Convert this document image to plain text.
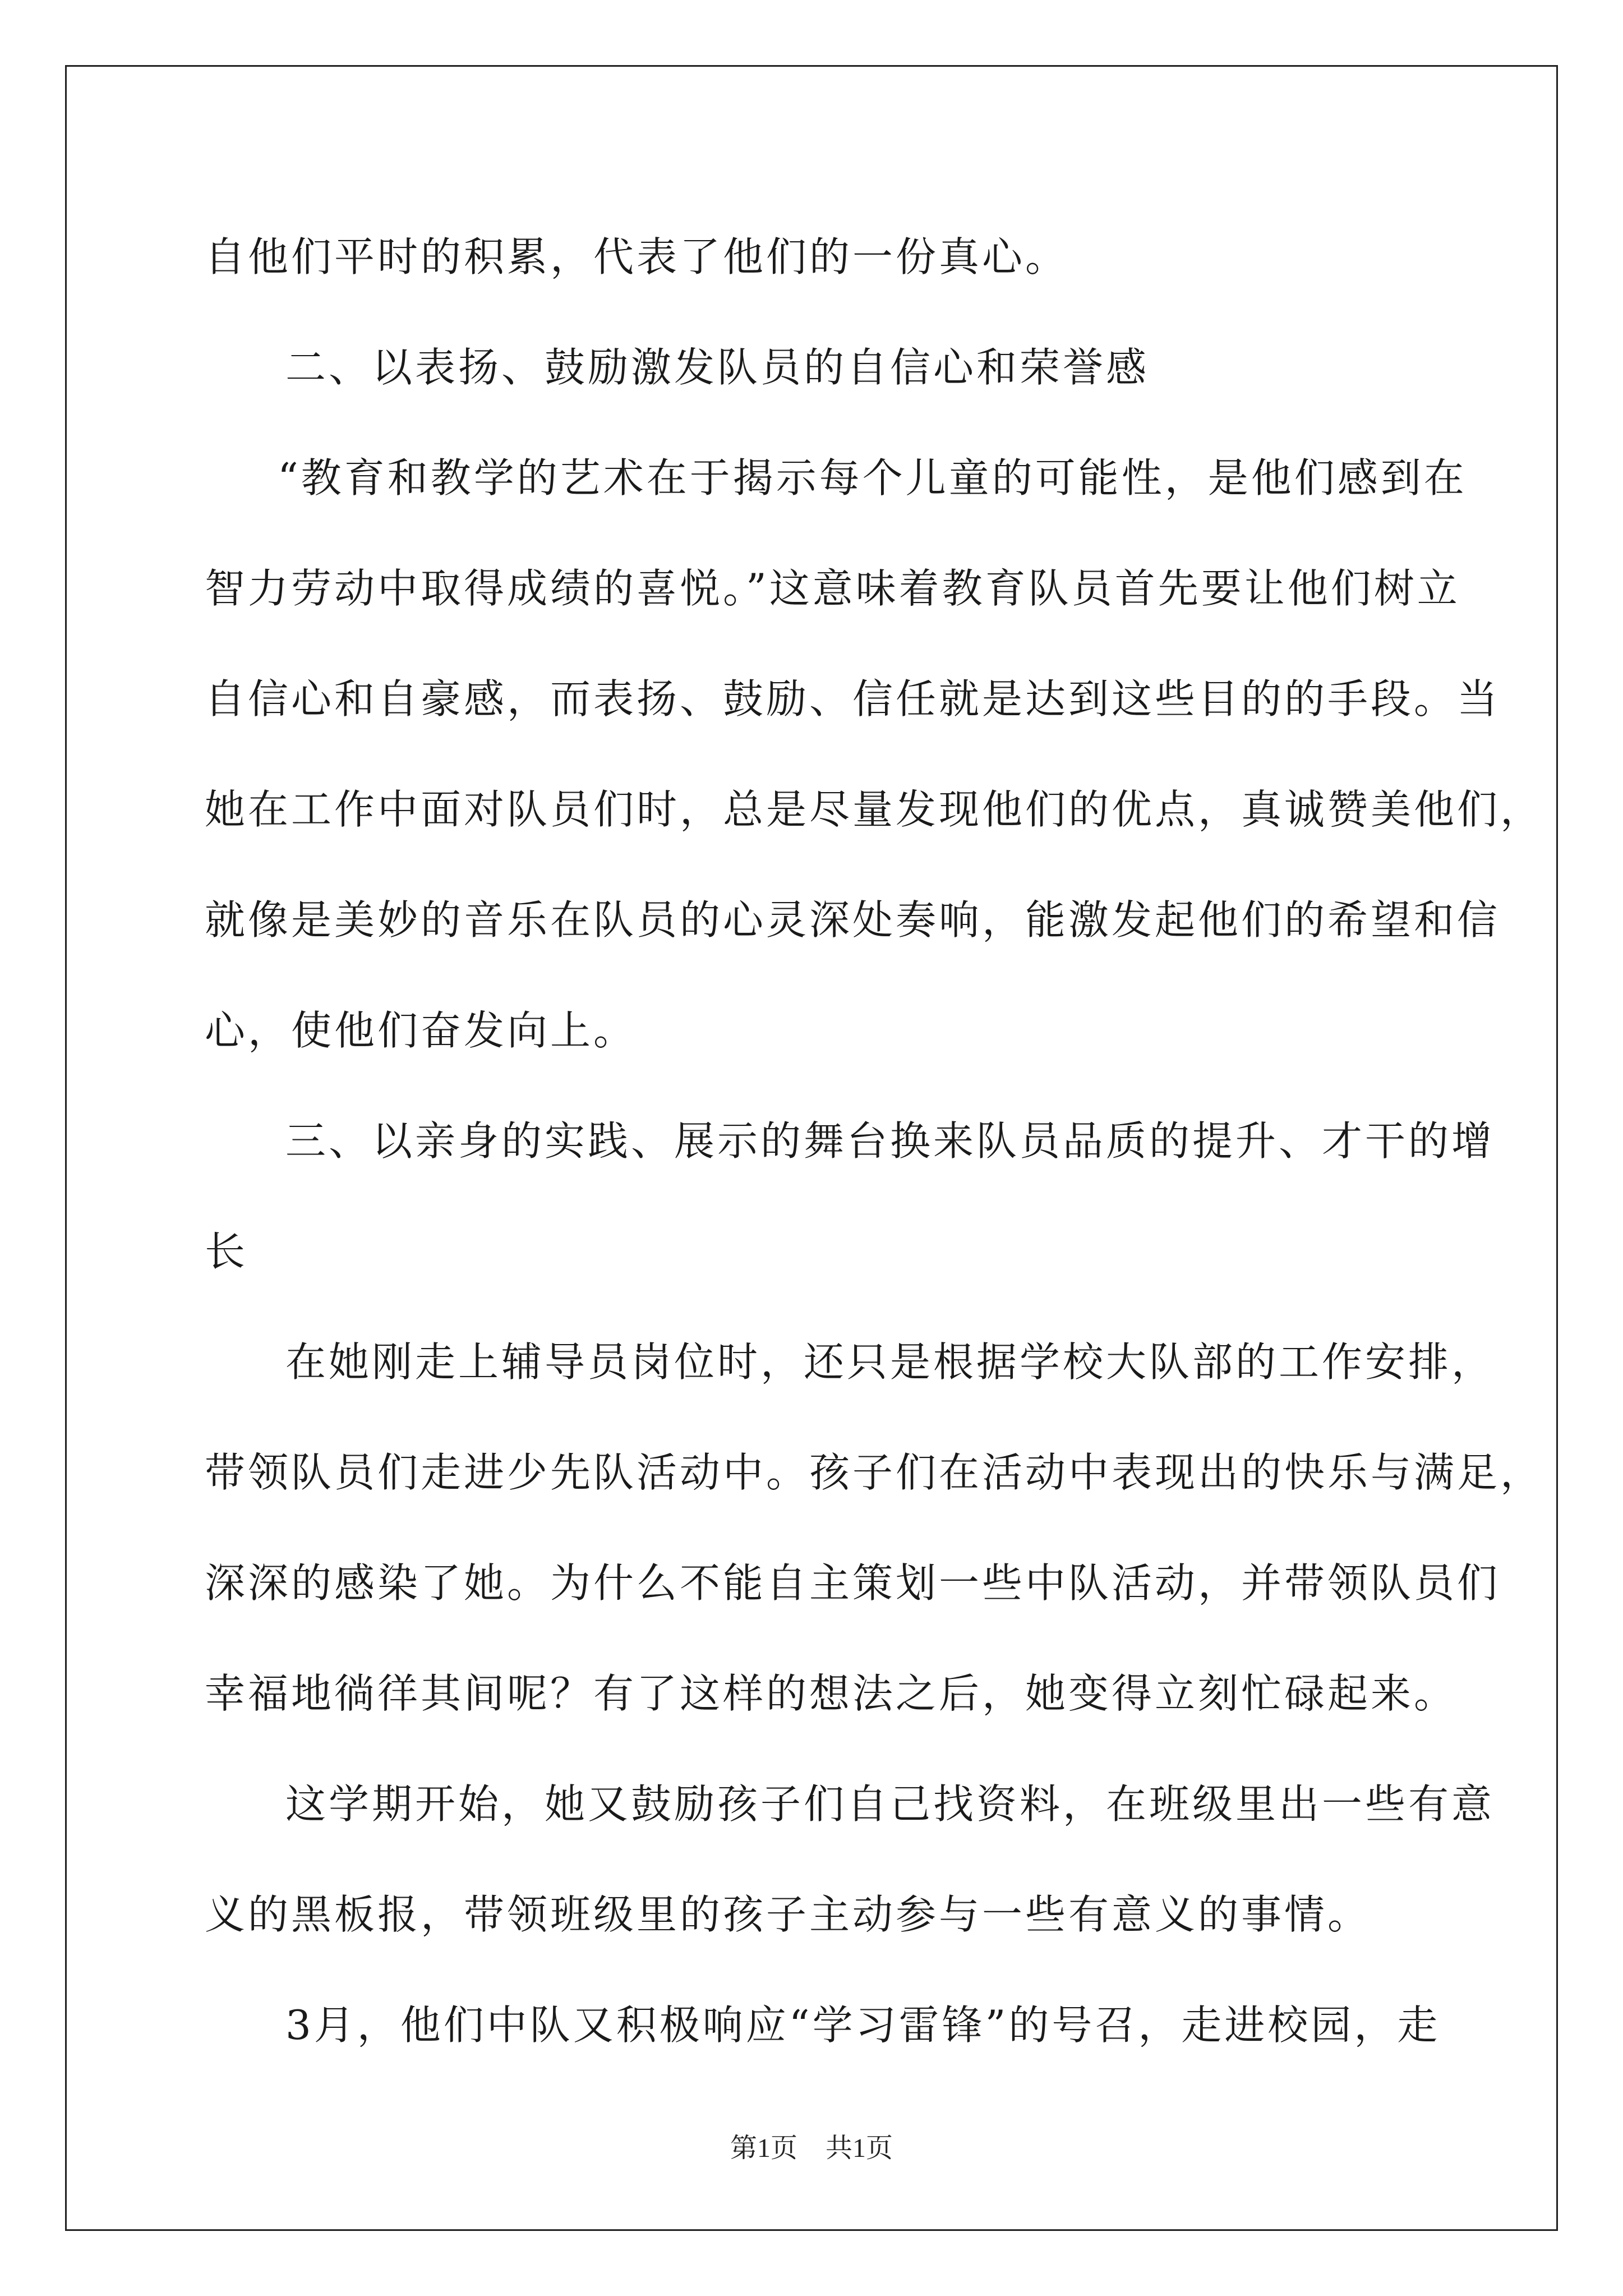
自他们平时的积累，代表了他们的一份真心。
二、以表扬、鼓励激发队员的自信心和荣誉感
“教育和教学的艺术在于揭示每个儿童的可能性，是他们感到在
智力劳动中取得成绩的喜悦。”这意味着教育队员首先要让他们树立
自信心和自豪感，而表扬、鼓励、信任就是达到这些目的的手段。当
她在工作中面对队员们时，总是尽量发现他们的优点，真诚赞美他们，
就像是美妙的音乐在队员的心灵深处奏响，能激发起他们的希望和信
心，使他们奋发向上。
三、以亲身的实践、展示的舞台换来队员品质的提升、才干的增
长
在她刚走上辅导员岗位时，还只是根据学校大队部的工作安排，
带领队员们走进少先队活动中。孩子们在活动中表现出的快乐与满足，
深深的感染了她。为什么不能自主策划一些中队活动，并带领队员们
幸福地徜徉其间呢？有了这样的想法之后，她变得立刻忙碌起来。
这学期开始，她又鼓励孩子们自己找资料，在班级里出一些有意
义的黑板报，带领班级里的孩子主动参与一些有意义的事情。
3月，他们中队又积极响应“学习雷锋”的号召，走进校园，走
第1页 共1页
